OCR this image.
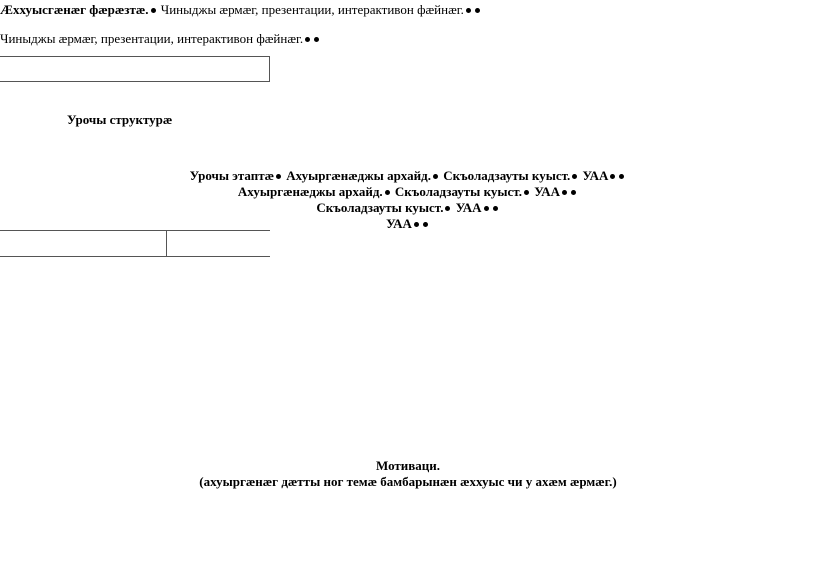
Æххуысгæнæг фæрæзтæ. Чиныджы æрмæг, презентации, интерактивон фæйнæг.
Чиныджы æрмæг, презентации, интерактивон фæйнæг.
Урочы структурæ
Урочы этаптæ Ахуыргæнæджы архайд. Скъоладзауты куыст. УАА
Ахуыргæнæджы архайд. Скъоладзауты куыст. УАА
Скъоладзауты куыст. УАА
УАА
Мотиваци.
(ахуыргæнæг дæтты ног темæ бамбарынæн æххуыс чи у ахæм æрмæг.)
